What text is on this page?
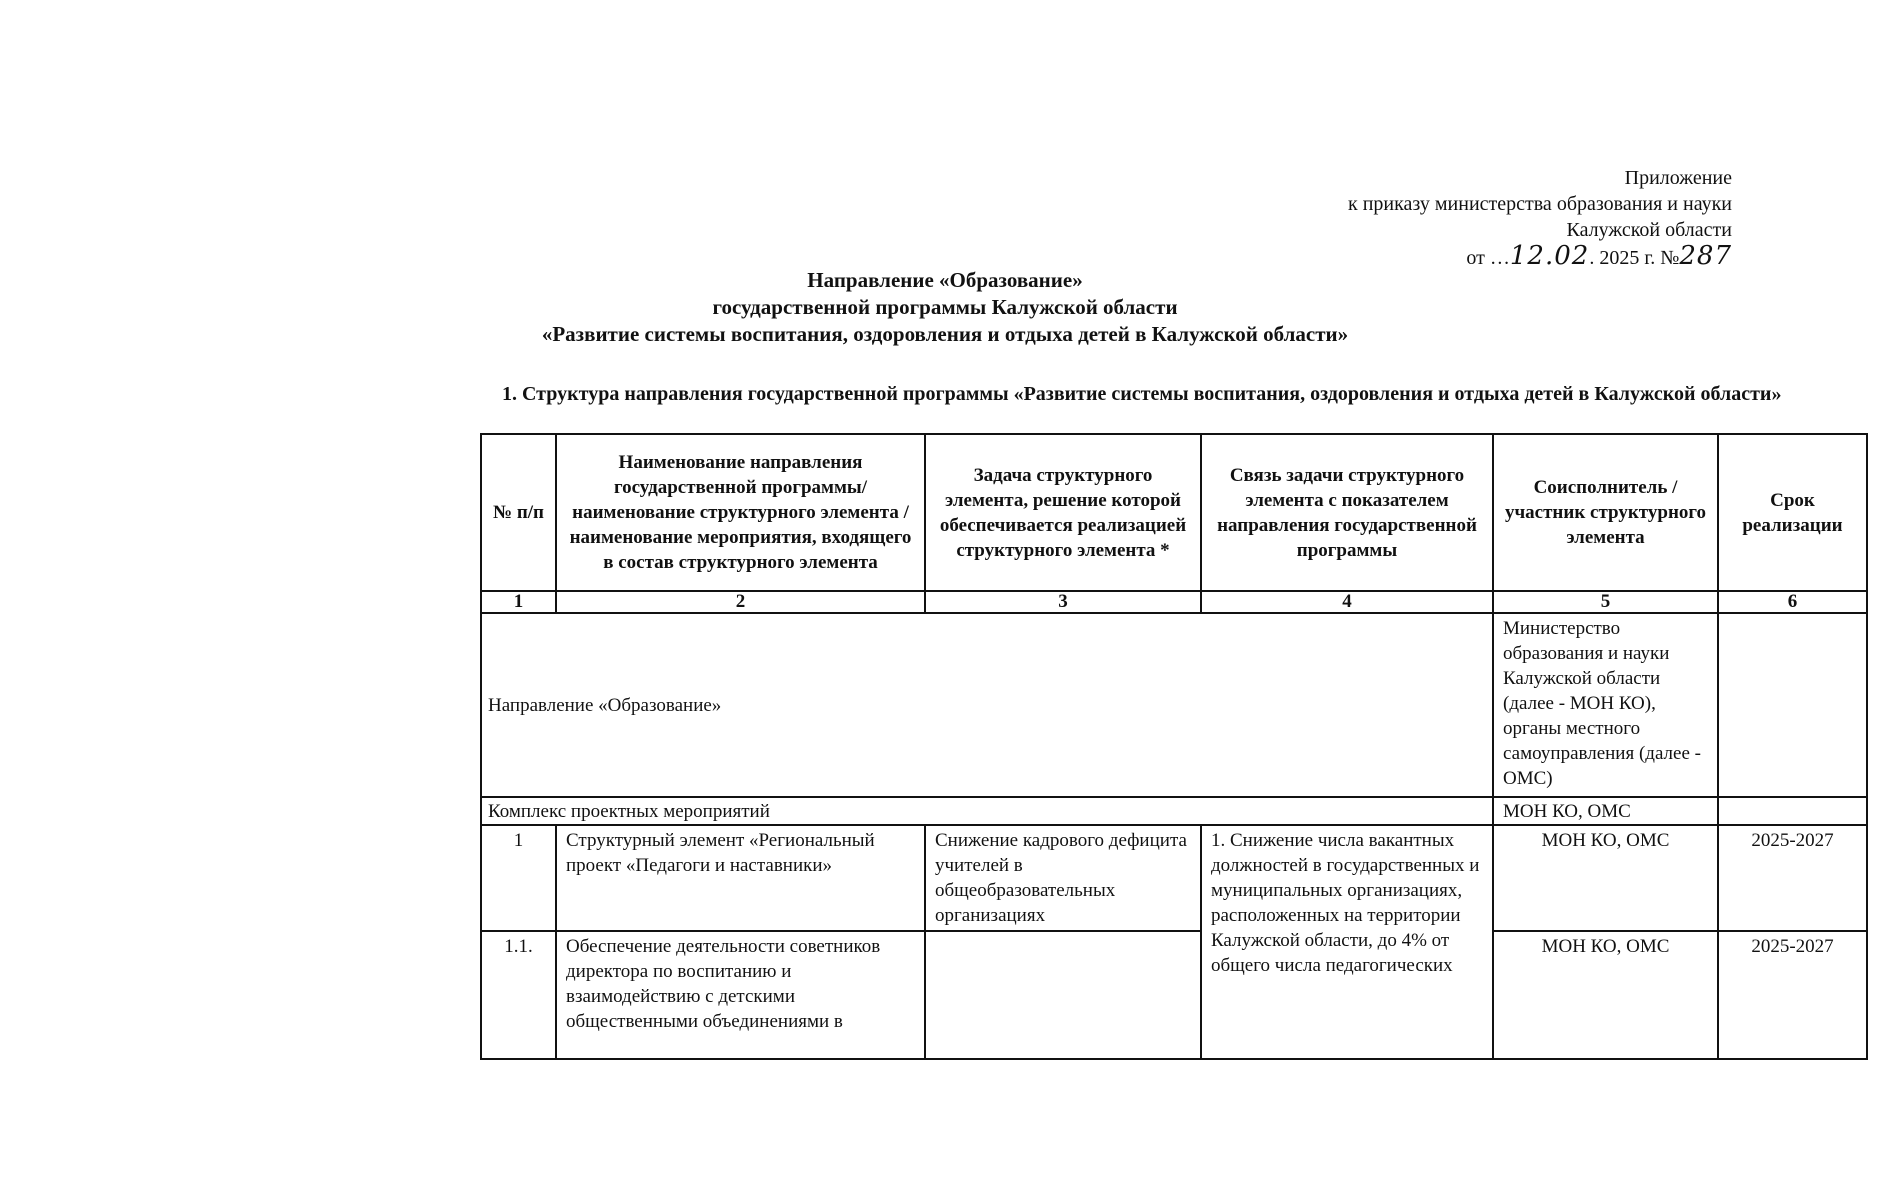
Приложение
к приказу министерства образования и науки
Калужской области
от …12.02. 2025 г. №287
Направление «Образование»
государственной программы Калужской области
«Развитие системы воспитания, оздоровления и отдыха детей в Калужской области»
1. Структура направления государственной программы «Развитие системы воспитания, оздоровления и отдыха детей в Калужской области»
№ п/п	Наименование направления государственной программы/ наименование структурного элемента / наименование мероприятия, входящего в состав структурного элемента	Задача структурного элемента, решение которой обеспечивается реализацией структурного элемента *	Связь задачи структурного элемента с показателем направления государственной программы	Соисполнитель / участник структурного элемента	Срок реализации
1	2	3	4	5	6
Направление «Образование»				Министерство образования и науки Калужской области (далее - МОН КО), органы местного самоуправления (далее - ОМС)	
Комплекс проектных мероприятий				МОН КО, ОМС	
1	Структурный элемент «Региональный проект «Педагоги и наставники»	Снижение кадрового дефицита учителей в общеобразовательных организациях	1. Снижение числа вакантных должностей в государственных и муниципальных организациях, расположенных на территории Калужской области, до 4% от общего числа педагогических	МОН КО, ОМС	2025-2027
1.1.	Обеспечение деятельности советников директора по воспитанию и взаимодействию с детскими общественными объединениями в			МОН КО, ОМС	2025-2027
